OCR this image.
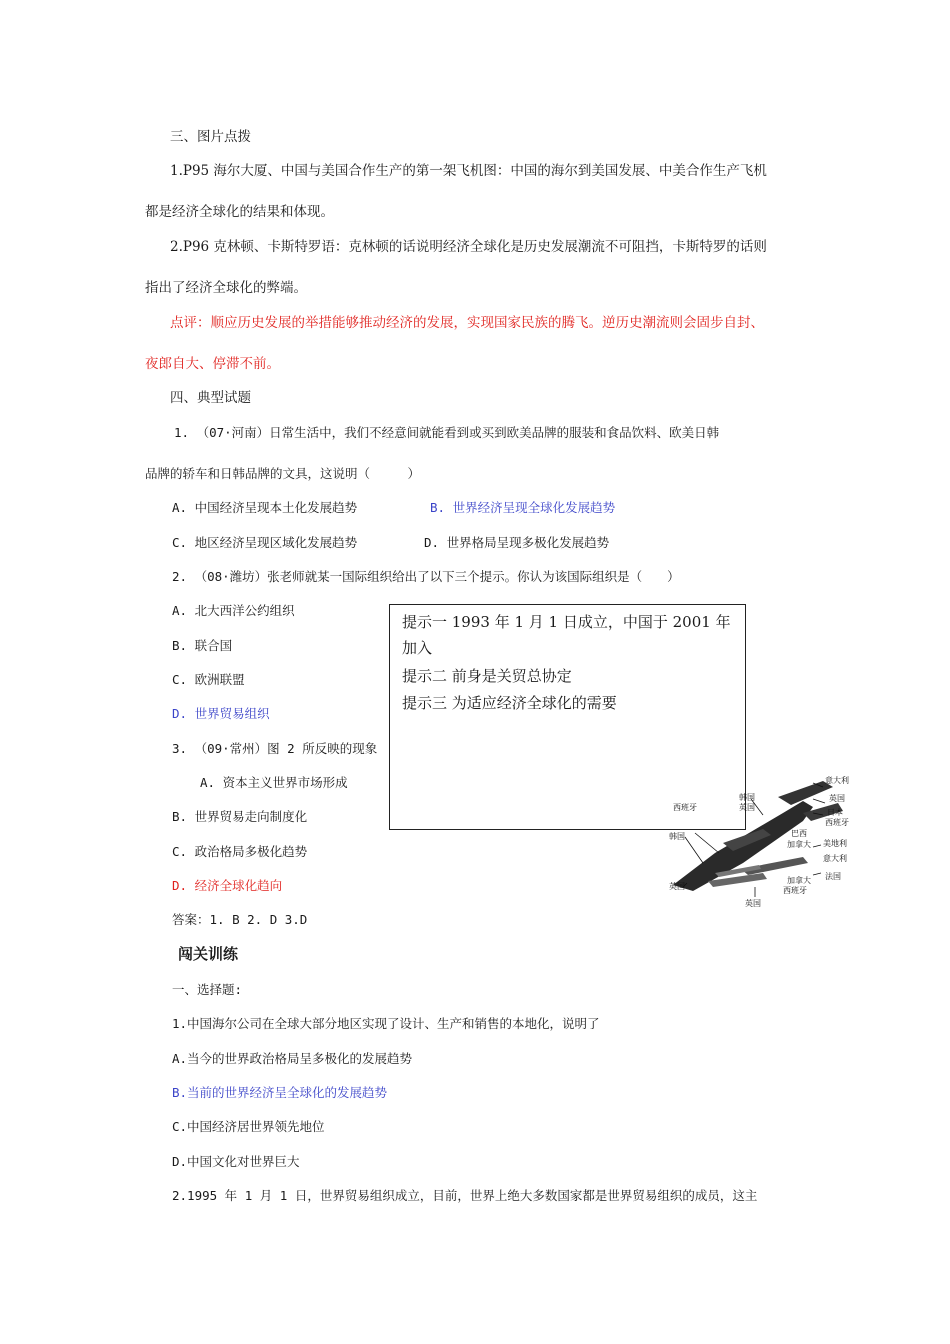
三、图片点拨
1.P95 海尔大厦、中国与美国合作生产的第一架飞机图：中国的海尔到美国发展、中美合作生产飞机
都是经济全球化的结果和体现。
2.P96 克林顿、卡斯特罗语：克林顿的话说明经济全球化是历史发展潮流不可阻挡，卡斯特罗的话则
指出了经济全球化的弊端。
点评：顺应历史发展的举措能够推动经济的发展，实现国家民族的腾飞。逆历史潮流则会固步自封、
夜郎自大、停滞不前。
四、典型试题
1. （07·河南）日常生活中，我们不经意间就能看到或买到欧美品牌的服装和食品饮料、欧美日韩
品牌的轿车和日韩品牌的文具，这说明（　　　）
A. 中国经济呈现本土化发展趋势	B. 世界经济呈现全球化发展趋势
C. 地区经济呈现区域化发展趋势	D. 世界格局呈现多极化发展趋势
2. （08·潍坊）张老师就某一国际组织给出了以下三个提示。你认为该国际组织是（　　）
A. 北大西洋公约组织
B. 联合国
C. 欧洲联盟
D. 世界贸易组织
3. （09·常州）图 2 所反映的现象
提示一 1993 年 1 月 1 日成立，中国于 2001 年加入
提示二 前身是关贸总协定
提示三 为适应经济全球化的需要
A. 资本主义世界市场形成
B. 世界贸易走向制度化
C. 政治格局多极化趋势
D. 经济全球化趋向
答案：1. B 2. D 3.D
意大利
英国
韩国
西班牙	英国
日本
西班牙
韩国	巴西
加拿大 美地利
意大利
法国
英国
加拿大
西班牙
英国
闯关训练
一、选择题:
1.中国海尔公司在全球大部分地区实现了设计、生产和销售的本地化，说明了
A.当今的世界政治格局呈多极化的发展趋势
B.当前的世界经济呈全球化的发展趋势
C.中国经济居世界领先地位
D.中国文化对世界巨大
2.1995 年 1 月 1 日，世界贸易组织成立，目前，世界上绝大多数国家都是世界贸易组织的成员，这主
